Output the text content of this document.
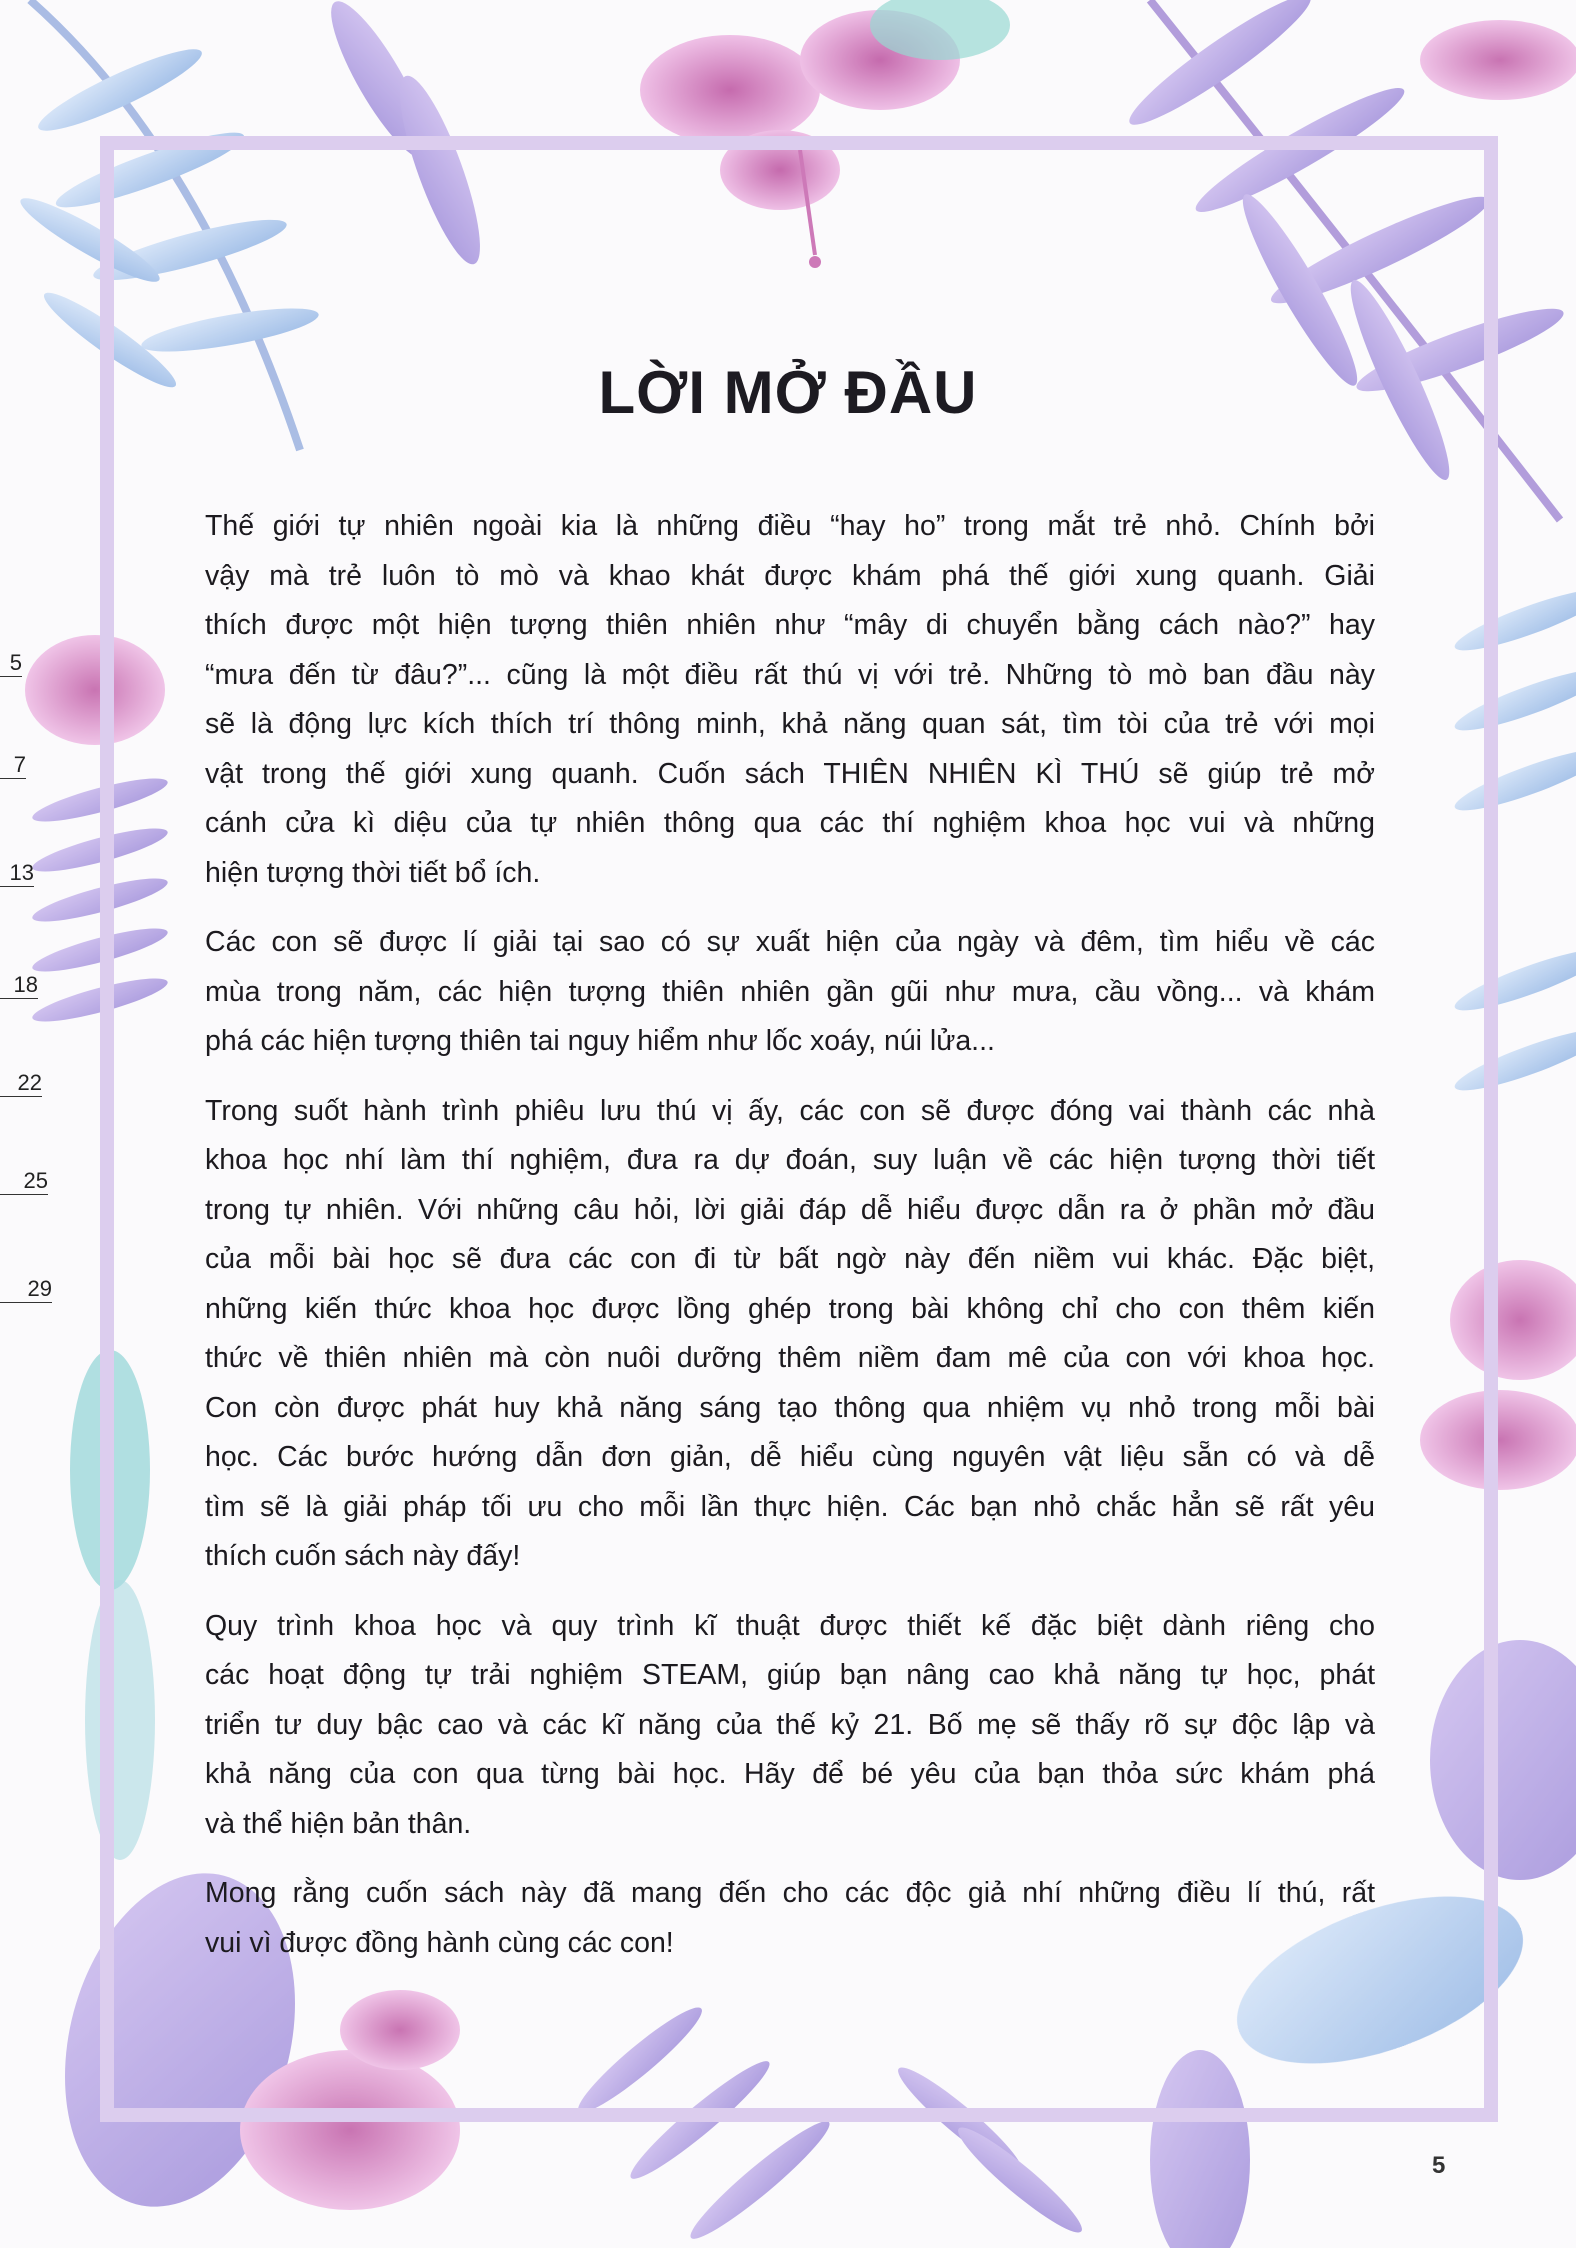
5
7
13
18
22
25
29
LỜI MỞ ĐẦU
Thế giới tự nhiên ngoài kia là những điều “hay ho” trong mắt trẻ nhỏ. Chính bởi
vậy mà trẻ luôn tò mò và khao khát được khám phá thế giới xung quanh. Giải
thích được một hiện tượng thiên nhiên như “mây di chuyển bằng cách nào?” hay
“mưa đến từ đâu?”... cũng là một điều rất thú vị với trẻ. Những tò mò ban đầu này
sẽ là động lực kích thích trí thông minh, khả năng quan sát, tìm tòi của trẻ với mọi
vật trong thế giới xung quanh. Cuốn sách THIÊN NHIÊN KÌ THÚ sẽ giúp trẻ mở
cánh cửa kì diệu của tự nhiên thông qua các thí nghiệm khoa học vui và những
hiện tượng thời tiết bổ ích.
Các con sẽ được lí giải tại sao có sự xuất hiện của ngày và đêm, tìm hiểu về các
mùa trong năm, các hiện tượng thiên nhiên gần gũi như mưa, cầu vồng... và khám
phá các hiện tượng thiên tai nguy hiểm như lốc xoáy, núi lửa...
Trong suốt hành trình phiêu lưu thú vị ấy, các con sẽ được đóng vai thành các nhà
khoa học nhí làm thí nghiệm, đưa ra dự đoán, suy luận về các hiện tượng thời tiết
trong tự nhiên. Với những câu hỏi, lời giải đáp dễ hiểu được dẫn ra ở phần mở đầu
của mỗi bài học sẽ đưa các con đi từ bất ngờ này đến niềm vui khác. Đặc biệt,
những kiến thức khoa học được lồng ghép trong bài không chỉ cho con thêm kiến
thức về thiên nhiên mà còn nuôi dưỡng thêm niềm đam mê của con với khoa học.
Con còn được phát huy khả năng sáng tạo thông qua nhiệm vụ nhỏ trong mỗi bài
học. Các bước hướng dẫn đơn giản, dễ hiểu cùng nguyên vật liệu sẵn có và dễ
tìm sẽ là giải pháp tối ưu cho mỗi lần thực hiện. Các bạn nhỏ chắc hẳn sẽ rất yêu
thích cuốn sách này đấy!
Quy trình khoa học và quy trình kĩ thuật được thiết kế đặc biệt dành riêng cho
các hoạt động tự trải nghiệm STEAM, giúp bạn nâng cao khả năng tự học, phát
triển tư duy bậc cao và các kĩ năng của thế kỷ 21. Bố mẹ sẽ thấy rõ sự độc lập và
khả năng của con qua từng bài học. Hãy để bé yêu của bạn thỏa sức khám phá
và thể hiện bản thân.
Mong rằng cuốn sách này đã mang đến cho các độc giả nhí những điều lí thú, rất
vui vì được đồng hành cùng các con!
5
